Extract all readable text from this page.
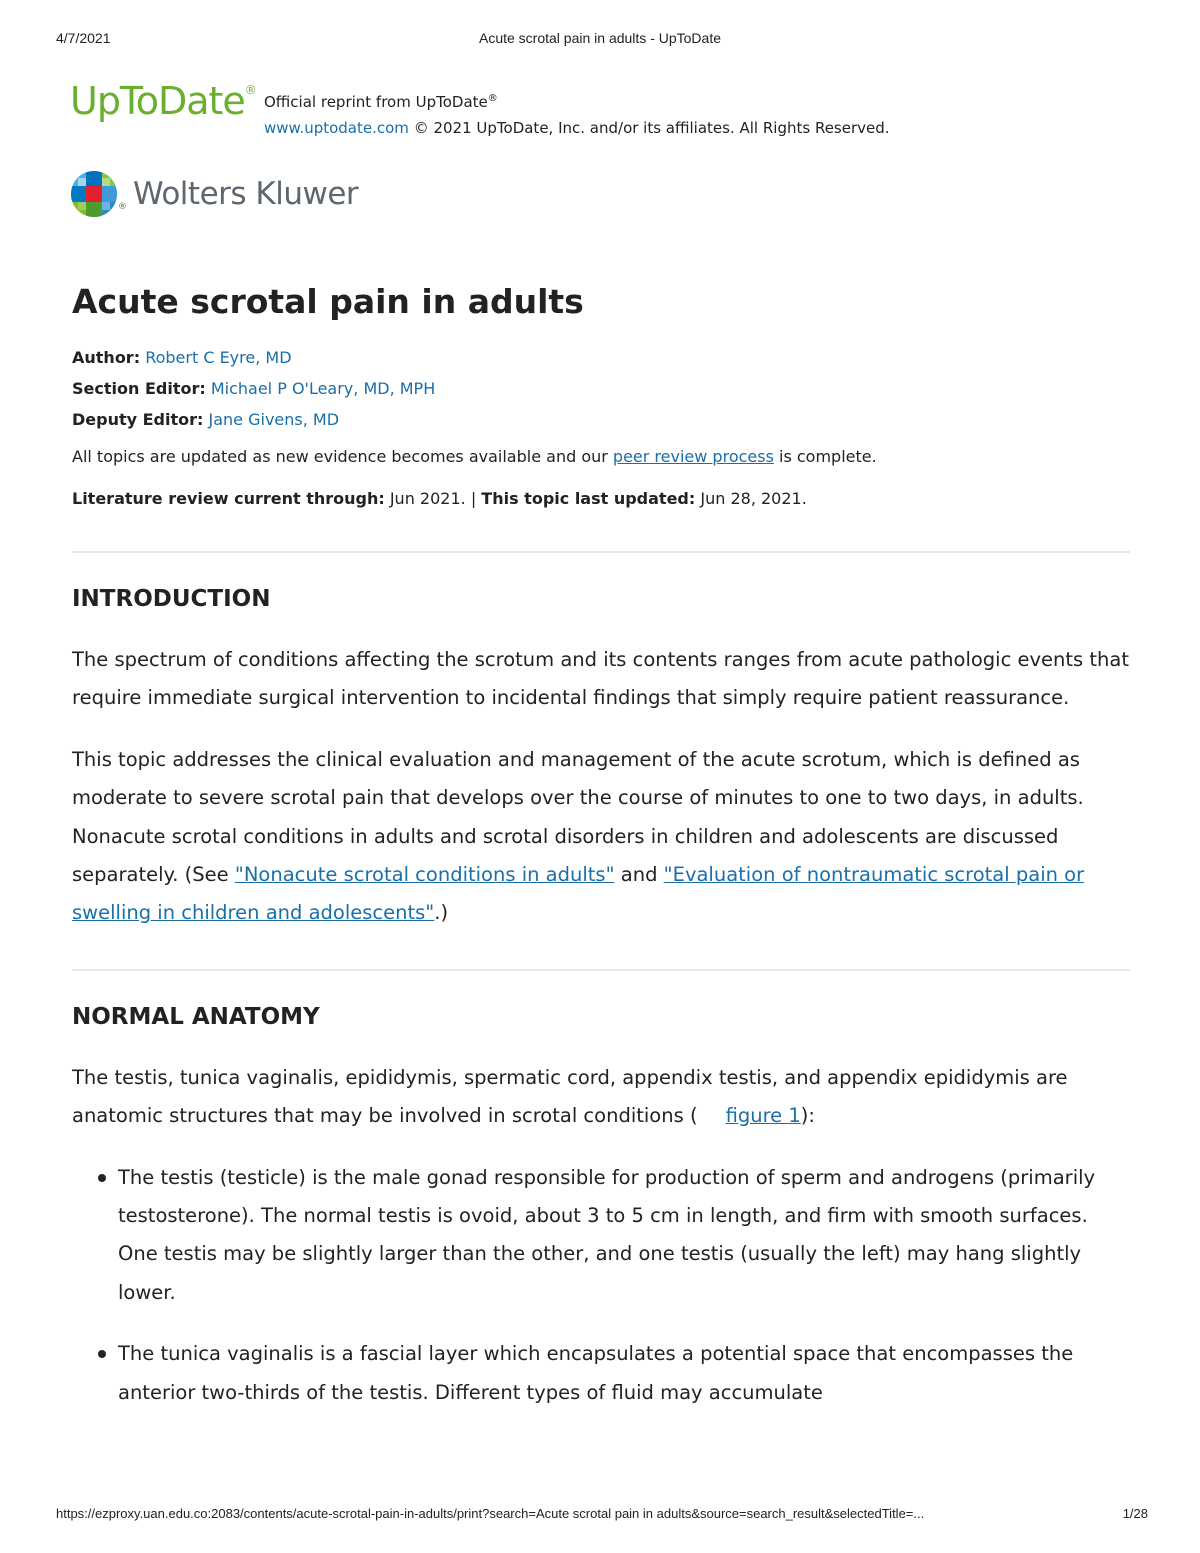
4/7/2021	Acute scrotal pain in adults - UpToDate
UpToDate®
Official reprint from UpToDate®
www.uptodate.com © 2021 UpToDate, Inc. and/or its affiliates. All Rights Reserved.
® Wolters Kluwer
Acute scrotal pain in adults
Author: Robert C Eyre, MD
Section Editor: Michael P O'Leary, MD, MPH
Deputy Editor: Jane Givens, MD
All topics are updated as new evidence becomes available and our peer review process is complete.
Literature review current through: Jun 2021. | This topic last updated: Jun 28, 2021.
INTRODUCTION

The spectrum of conditions affecting the scrotum and its contents ranges from acute pathologic events that require immediate surgical intervention to incidental findings that simply require patient reassurance.

This topic addresses the clinical evaluation and management of the acute scrotum, which is defined as moderate to severe scrotal pain that develops over the course of minutes to one to two days, in adults. Nonacute scrotal conditions in adults and scrotal disorders in children and adolescents are discussed separately. (See "Nonacute scrotal conditions in adults" and "Evaluation of nontraumatic scrotal pain or swelling in children and adolescents".)

NORMAL ANATOMY

The testis, tunica vaginalis, epididymis, spermatic cord, appendix testis, and appendix epididymis are anatomic structures that may be involved in scrotal conditions ( figure 1):

The testis (testicle) is the male gonad responsible for production of sperm and androgens (primarily testosterone). The normal testis is ovoid, about 3 to 5 cm in length, and firm with smooth surfaces. One testis may be slightly larger than the other, and one testis (usually the left) may hang slightly lower.
The tunica vaginalis is a fascial layer which encapsulates a potential space that encompasses the anterior two-thirds of the testis. Different types of fluid may accumulate
https://ezproxy.uan.edu.co:2083/contents/acute-scrotal-pain-in-adults/print?search=Acute scrotal pain in adults&source=search_result&selectedTitle=...	1/28
